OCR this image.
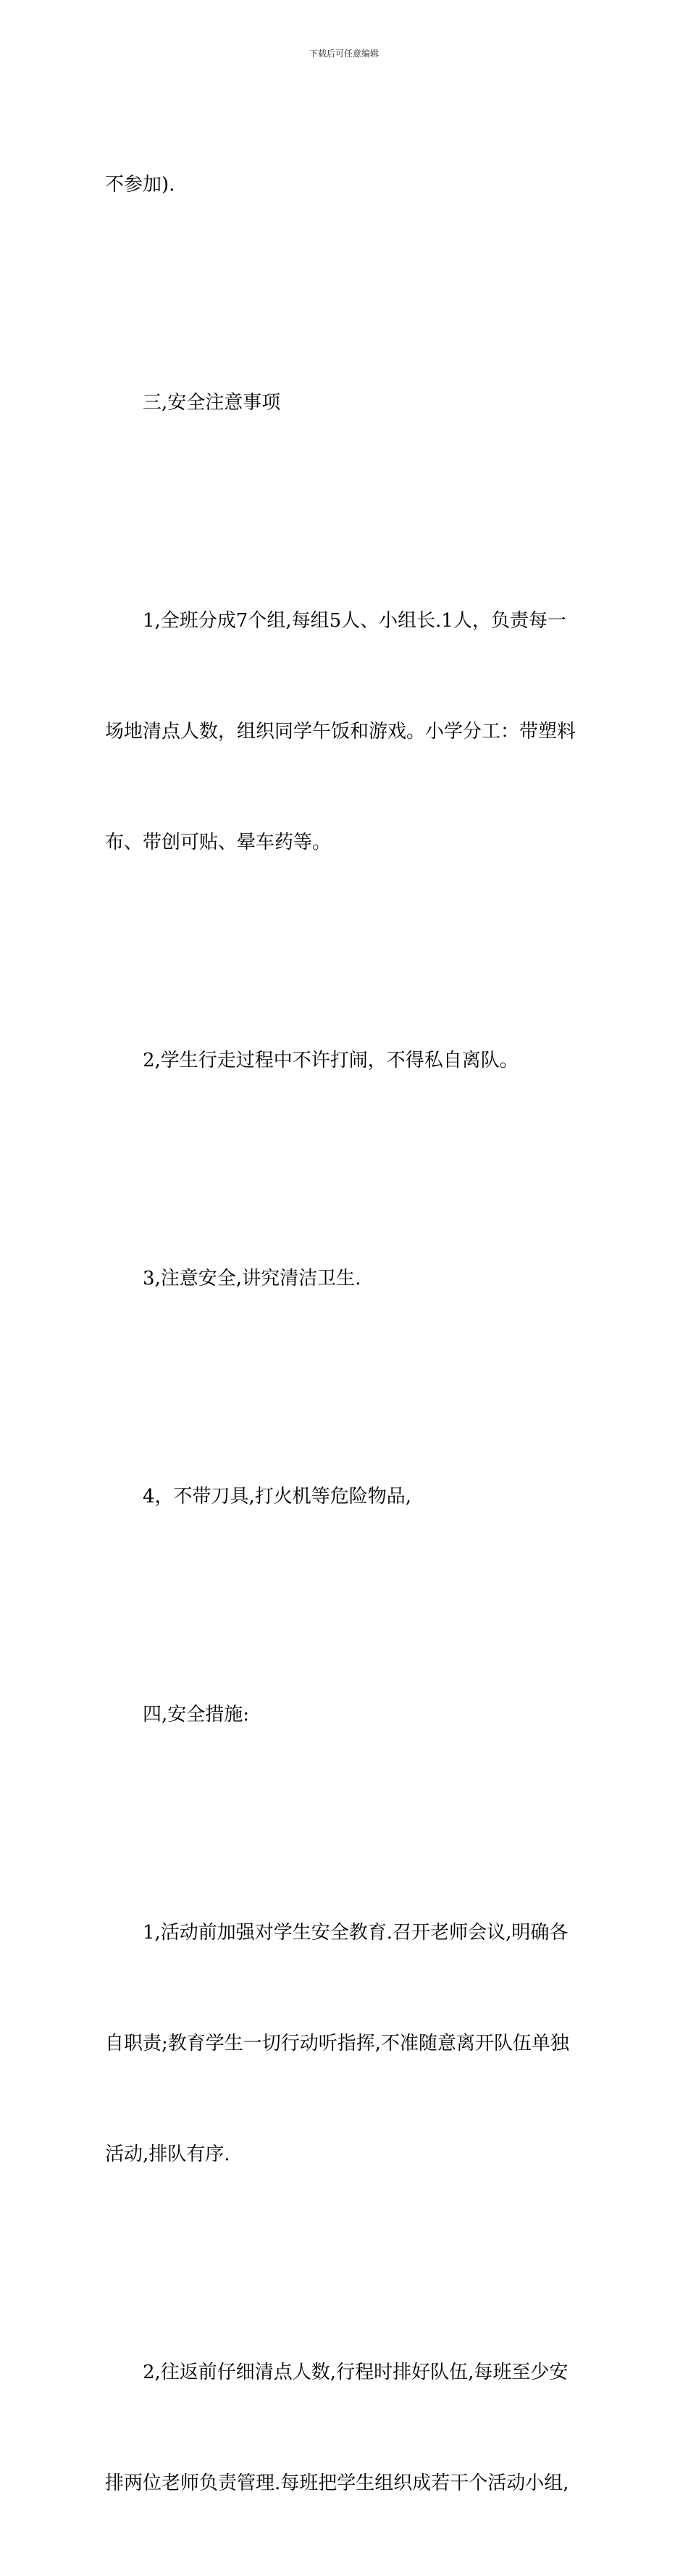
下载后可任意编辑

不参加).

　　三,安全注意事项

　　1,全班分成7个组,每组5人、小组长.1人，负责每一

场地清点人数，组织同学午饭和游戏。小学分工：带塑料

布、带创可贴、晕车药等。

　　2,学生行走过程中不许打闹，不得私自离队。

　　3,注意安全,讲究清洁卫生.

　　4，不带刀具,打火机等危险物品,

　　四,安全措施:

　　1,活动前加强对学生安全教育.召开老师会议,明确各

自职责;教育学生一切行动听指挥,不准随意离开队伍单独

活动,排队有序.

　　2,往返前仔细清点人数,行程时排好队伍,每班至少安

排两位老师负责管理.每班把学生组织成若干个活动小组,
